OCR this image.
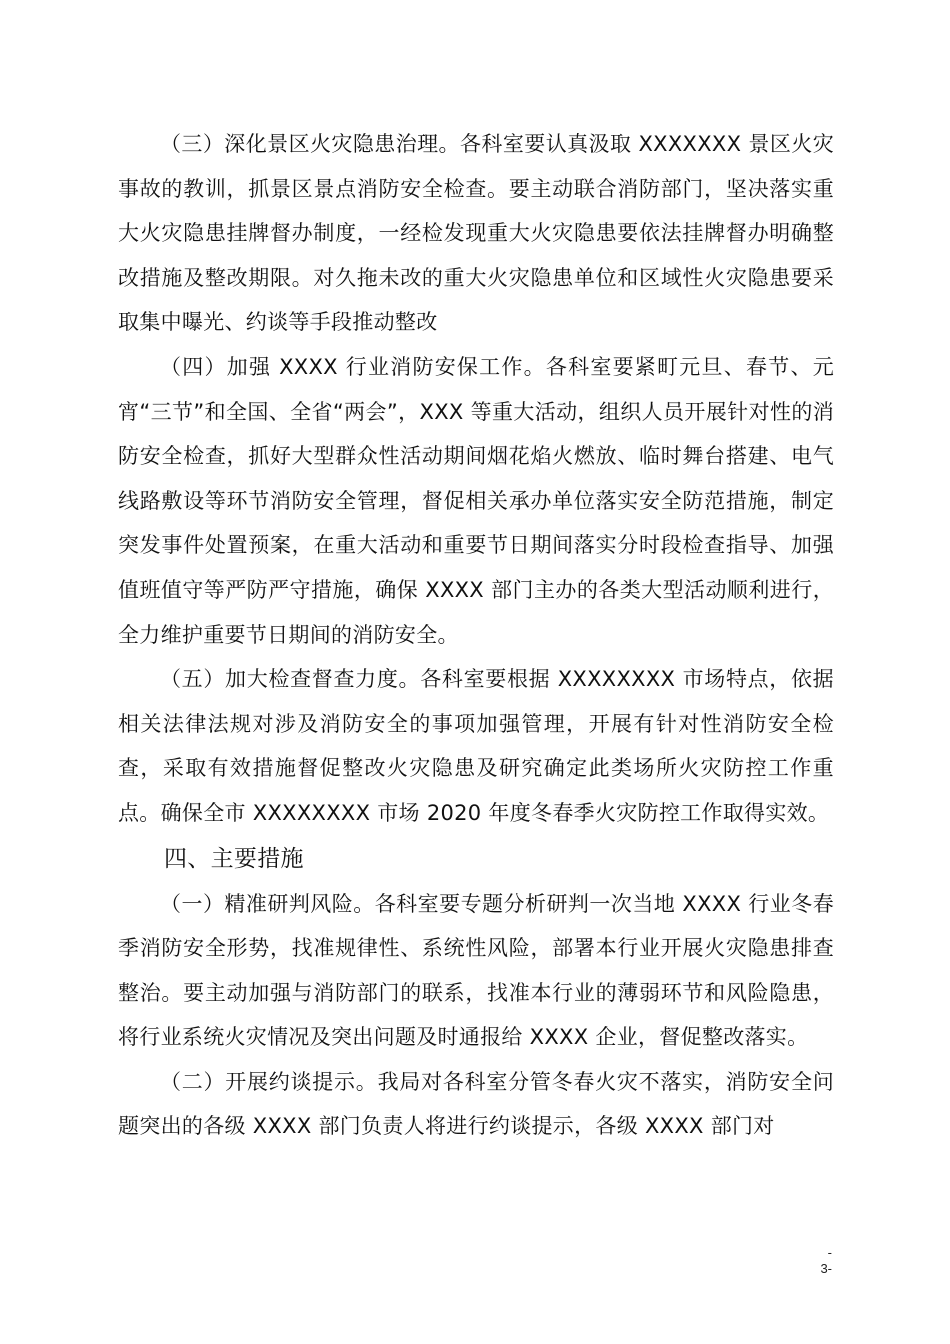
（三）深化景区火灾隐患治理。各科室要认真汲取 XXXXXXX 景区火灾事故的教训，抓景区景点消防安全检查。要主动联合消防部门，坚决落实重大火灾隐患挂牌督办制度，一经检发现重大火灾隐患要依法挂牌督办明确整改措施及整改期限。对久拖未改的重大火灾隐患单位和区域性火灾隐患要采取集中曝光、约谈等手段推动整改

（四）加强 XXXX 行业消防安保工作。各科室要紧町元旦、春节、元宵“三节”和全国、全省“两会”，XXX 等重大活动，组织人员开展针对性的消防安全检查，抓好大型群众性活动期间烟花焰火燃放、临时舞台搭建、电气线路敷设等环节消防安全管理，督促相关承办单位落实安全防范措施，制定突发事件处置预案，在重大活动和重要节日期间落实分时段检查指导、加强值班值守等严防严守措施，确保 XXXX 部门主办的各类大型活动顺利进行，全力维护重要节日期间的消防安全。

（五）加大检查督查力度。各科室要根据 XXXXXXXX 市场特点，依据相关法律法规对涉及消防安全的事项加强管理，开展有针对性消防安全检查，采取有效措施督促整改火灾隐患及研究确定此类场所火灾防控工作重点。确保全市 XXXXXXXX 市场 2020 年度冬春季火灾防控工作取得实效。

四、主要措施

（一）精准研判风险。各科室要专题分析研判一次当地 XXXX 行业冬春季消防安全形势，找准规律性、系统性风险，部署本行业开展火灾隐患排查整治。要主动加强与消防部门的联系，找准本行业的薄弱环节和风险隐患，将行业系统火灾情况及突出问题及时通报给 XXXX 企业，督促整改落实。

（二）开展约谈提示。我局对各科室分管冬春火灾不落实，消防安全问题突出的各级 XXXX 部门负责人将进行约谈提示，各级 XXXX 部门对

-
3-
